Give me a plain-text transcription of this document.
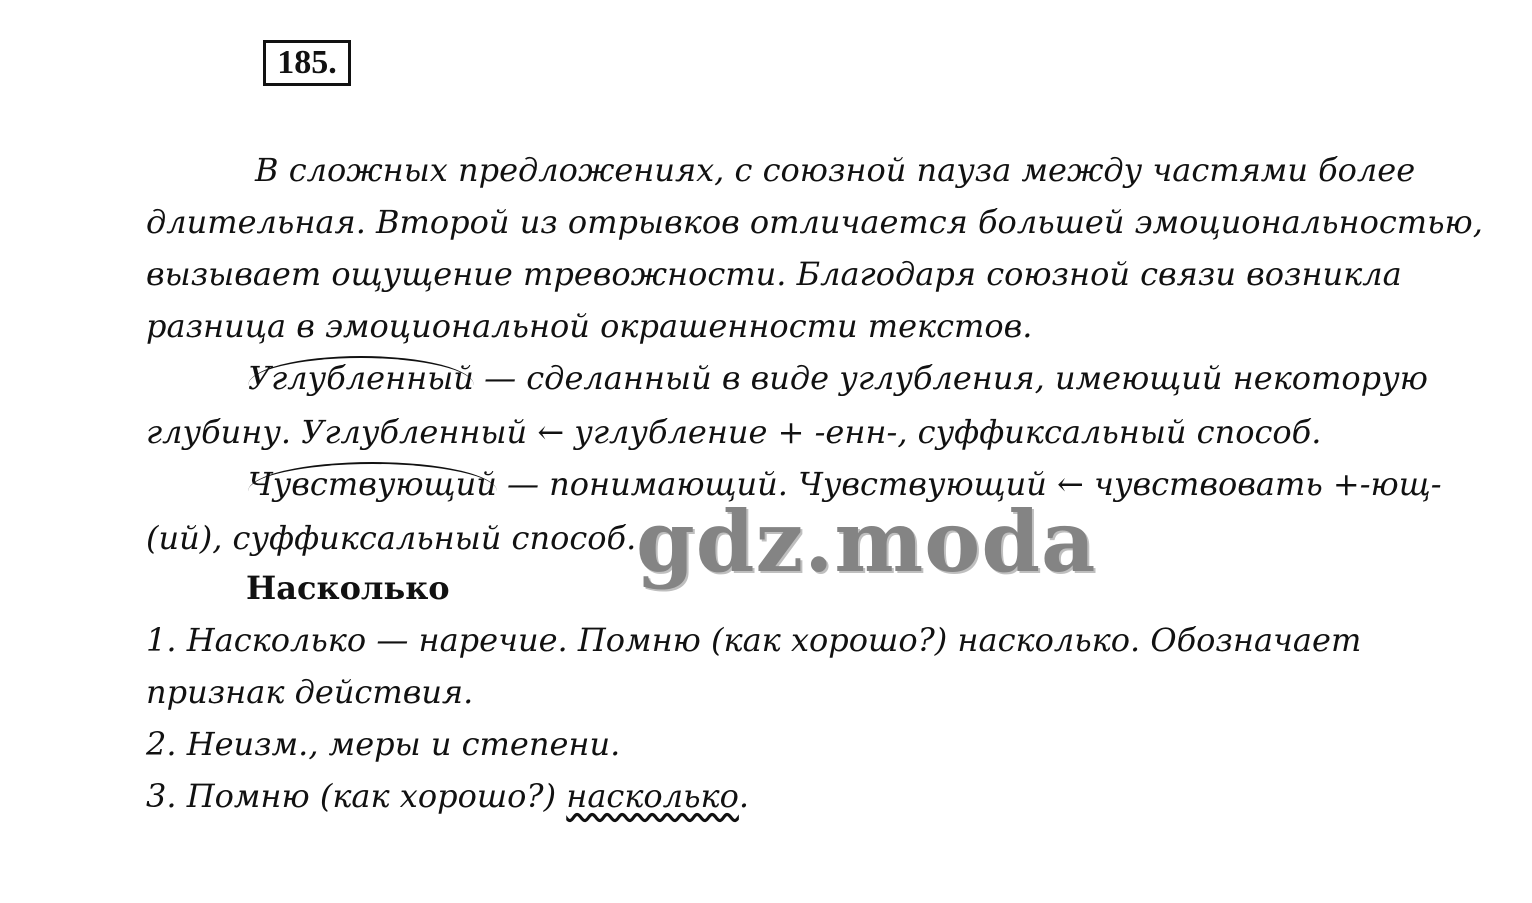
185.
В сложных предложениях, с союзной пауза между частями более
длительная. Второй из отрывков отличается большей эмоциональностью,
вызывает ощущение тревожности. Благодаря союзной связи возникла
разница в эмоциональной окрашенности текстов.
Углубленный — сделанный в виде углубления, имеющий некоторую
глубину. Углубленный ← углубление + -енн-, суффиксальный способ.
Чувствующий — понимающий. Чувствующий ← чувствовать +-ющ-
(ий), суффиксальный способ.
Насколько
1. Насколько — наречие. Помню (как хорошо?) насколько. Обозначает
признак действия.
2. Неизм., меры и степени.
3. Помню (как хорошо?) насколько.
gdz.moda
